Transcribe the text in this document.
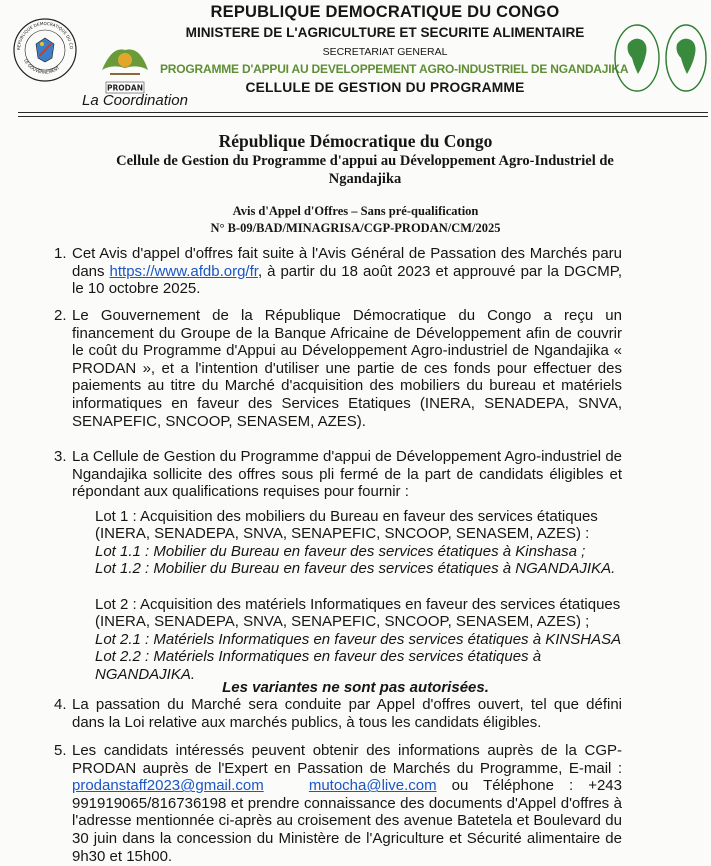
REPUBLIQUE DEMOCRATIQUE DU CO
LE GOUVERNEMENT
PRODAN
La Coordination
REPUBLIQUE DEMOCRATIQUE DU CONGO
MINISTERE DE L'AGRICULTURE ET SECURITE ALIMENTAIRE
SECRETARIAT GENERAL
PROGRAMME D'APPUI AU DEVELOPPEMENT AGRO-INDUSTRIEL DE NGANDAJIKA
CELLULE DE GESTION DU PROGRAMME
République Démocratique du Congo
Cellule de Gestion du Programme d'appui au Développement Agro-Industriel de Ngandajika
Avis d'Appel d'Offres – Sans pré-qualification
N° B-09/BAD/MINAGRISA/CGP-PRODAN/CM/2025
1. Cet Avis d'appel d'offres fait suite à l'Avis Général de Passation des Marchés paru dans https://www.afdb.org/fr, à partir du 18 août 2023 et approuvé par la DGCMP, le 10 octobre 2025.

2. Le Gouvernement de la République Démocratique du Congo a reçu un financement du Groupe de la Banque Africaine de Développement afin de couvrir le coût du Programme d'Appui au Développement Agro-industriel de Ngandajika « PRODAN », et a l'intention d'utiliser une partie de ces fonds pour effectuer des paiements au titre du Marché d'acquisition des mobiliers du bureau et matériels informatiques en faveur des Services Etatiques (INERA, SENADEPA, SNVA, SENAPEFIC, SNCOOP, SENASEM, AZES).

3. La Cellule de Gestion du Programme d'appui de Développement Agro-industriel de Ngandajika sollicite des offres sous pli fermé de la part de candidats éligibles et répondant aux qualifications requises pour fournir :

Lot 1 : Acquisition des mobiliers du Bureau en faveur des services étatiques (INERA, SENADEPA, SNVA, SENAPEFIC, SNCOOP, SENASEM, AZES) :

Lot 1.1 : Mobilier du Bureau en faveur des services étatiques à Kinshasa ;

Lot 1.2 : Mobilier du Bureau en faveur des services étatiques à NGANDAJIKA.

Lot 2 : Acquisition des matériels Informatiques en faveur des services étatiques (INERA, SENADEPA, SNVA, SENAPEFIC, SNCOOP, SENASEM, AZES) ;

Lot 2.1 : Matériels Informatiques en faveur des services étatiques à KINSHASA

Lot 2.2 : Matériels Informatiques en faveur des services étatiques à NGANDAJIKA.

Les variantes ne sont pas autorisées.
4. La passation du Marché sera conduite par Appel d'offres ouvert, tel que défini dans la Loi relative aux marchés publics, à tous les candidats éligibles.

5. Les candidats intéressés peuvent obtenir des informations auprès de la CGP-PRODAN auprès de l'Expert en Passation de Marchés du Programme, E-mail : prodanstaff2023@gmail.com	mutocha@live.com ou Téléphone : +243 991919065/816736198 et prendre connaissance des documents d'Appel d'offres à l'adresse mentionnée ci-après au croisement des avenue Batetela et Boulevard du 30 juin dans la concession du Ministère de l'Agriculture et Sécurité alimentaire de 9h30 et 15h00.
